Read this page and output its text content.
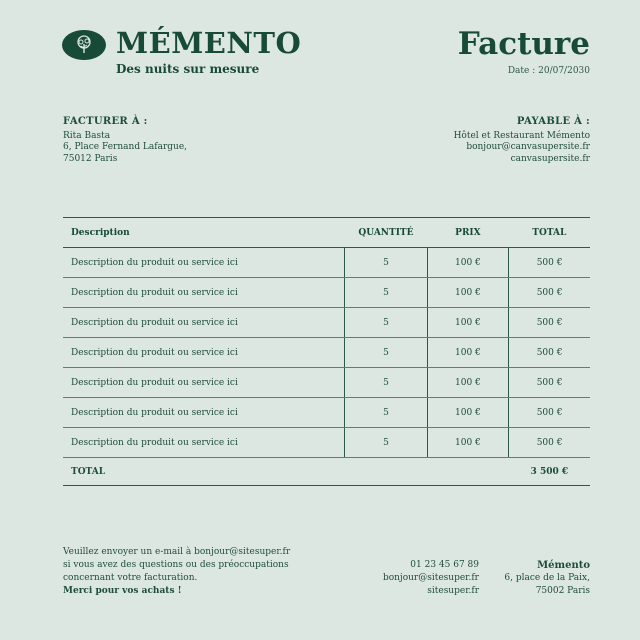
MÉMENTO
Des nuits sur mesure
Facture
Date : 20/07/2030
FACTURER À :
Rita Basta
6, Place Fernand Lafargue,
75012 Paris
PAYABLE À :
Hôtel et Restaurant Mémento
bonjour@canvasupersite.fr
canvasupersite.fr
Description	QUANTITÉ	PRIX	TOTAL
Description du produit ou service ici	5	100 €	500 €
Description du produit ou service ici	5	100 €	500 €
Description du produit ou service ici	5	100 €	500 €
Description du produit ou service ici	5	100 €	500 €
Description du produit ou service ici	5	100 €	500 €
Description du produit ou service ici	5	100 €	500 €
Description du produit ou service ici	5	100 €	500 €
TOTAL			3 500 €
Veuillez envoyer un e-mail à bonjour@sitesuper.fr
si vous avez des questions ou des préoccupations
concernant votre facturation.
Merci pour vos achats !
01 23 45 67 89
bonjour@sitesuper.fr
sitesuper.fr
Mémento
6, place de la Paix,
75002 Paris
